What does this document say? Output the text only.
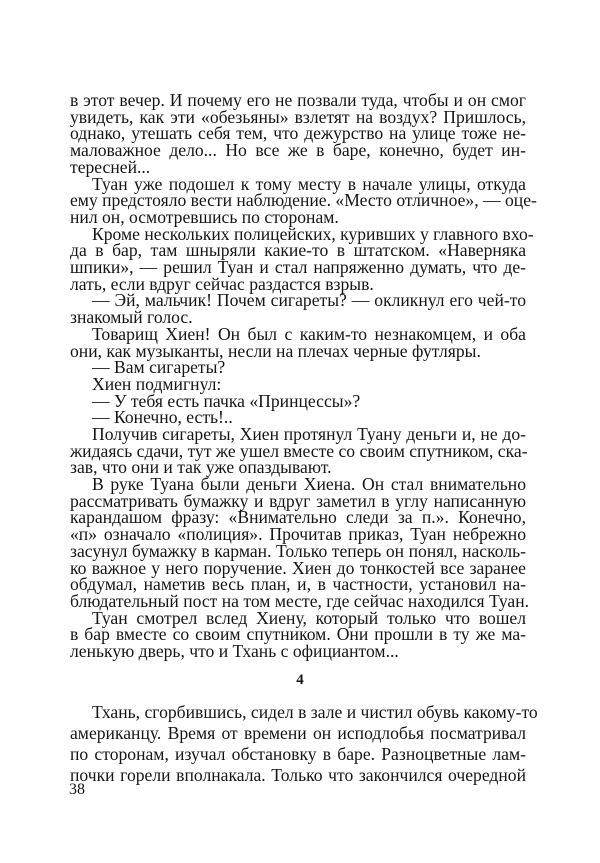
в этот вечер. И почему его не позвали туда, чтобы и он смог
увидеть, как эти «обезьяны» взлетят на воздух? Пришлось,
однако, утешать себя тем, что дежурство на улице тоже не-
маловажное дело... Но все же в баре, конечно, будет ин-
тересней...
Туан уже подошел к тому месту в начале улицы, откуда
ему предстояло вести наблюдение. «Место отличное», — оце-
нил он, осмотревшись по сторонам.
Кроме нескольких полицейских, куривших у главного вхо-
да в бар, там шныряли какие-то в штатском. «Наверняка
шпики», — решил Туан и стал напряженно думать, что де-
лать, если вдруг сейчас раздастся взрыв.
— Эй, мальчик! Почем сигареты? — окликнул его чей-то
знакомый голос.
Товарищ Хиен! Он был с каким-то незнакомцем, и оба
они, как музыканты, несли на плечах черные футляры.
— Вам сигареты?
Хиен подмигнул:
— У тебя есть пачка «Принцессы»?
— Конечно, есть!..
Получив сигареты, Хиен протянул Туану деньги и, не до-
жидаясь сдачи, тут же ушел вместе со своим спутником, ска-
зав, что они и так уже опаздывают.
В руке Туана были деньги Хиена. Он стал внимательно
рассматривать бумажку и вдруг заметил в углу написанную
карандашом фразу: «Внимательно следи за п.». Конечно,
«п» означало «полиция». Прочитав приказ, Туан небрежно
засунул бумажку в карман. Только теперь он понял, насколь-
ко важное у него поручение. Хиен до тонкостей все заранее
обдумал, наметив весь план, и, в частности, установил на-
блюдательный пост на том месте, где сейчас находился Туан.
Туан смотрел вслед Хиену, который только что вошел
в бар вместе со своим спутником. Они прошли в ту же ма-
ленькую дверь, что и Тхань с официантом...
4
Тхань, сгорбившись, сидел в зале и чистил обувь какому-то
американцу. Время от времени он исподлобья посматривал
по сторонам, изучал обстановку в баре. Разноцветные лам-
почки горели вполнакала. Только что закончился очередной
38
